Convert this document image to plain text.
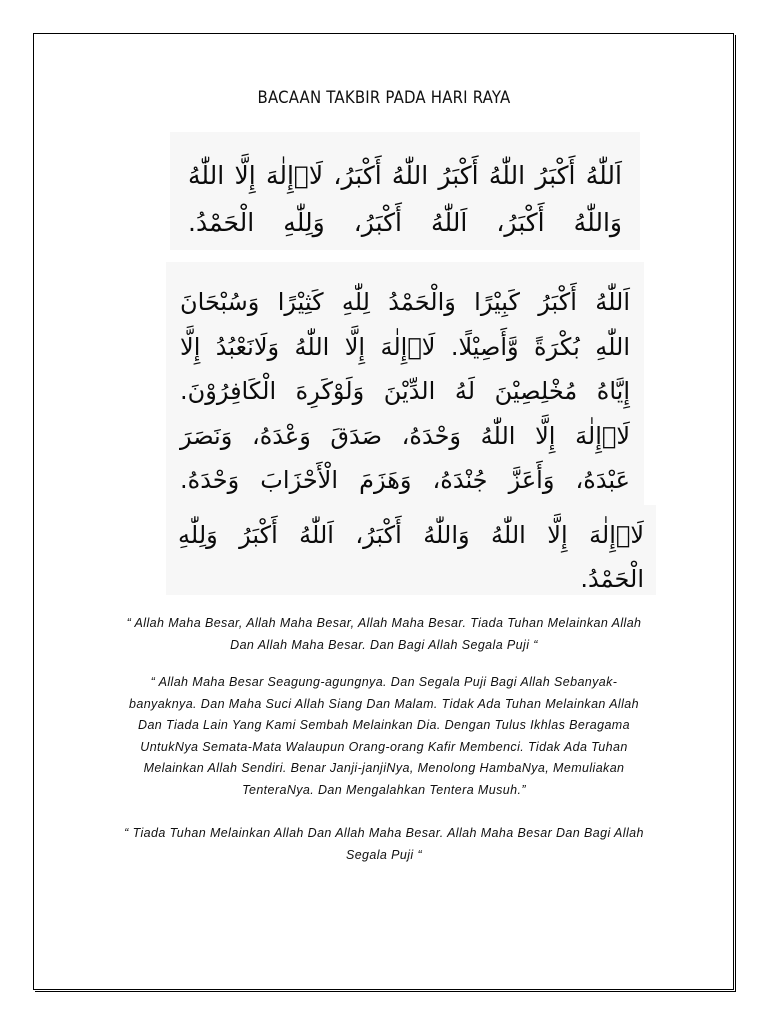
BACAAN TAKBIR PADA HARI RAYA
اَللّٰهُ أَكْبَرُ اللّٰهُ أَكْبَرُ اللّٰهُ أَكْبَرُ، لَاۤإِلٰهَ إِلَّا اللّٰهُ
وَاللّٰهُ أَكْبَرُ، اَللّٰهُ أَكْبَرُ، وَلِلّٰهِ الْحَمْدُ.
اَللّٰهُ أَكْبَرُ كَبِيْرًا وَالْحَمْدُ لِلّٰهِ كَثِيْرًا وَسُبْحَانَ
اللّٰهِ بُكْرَةً وَّأَصِيْلًا. لَاۤإِلٰهَ إِلَّا اللّٰهُ وَلَانَعْبُدُ إِلَّا
إِيَّاهُ مُخْلِصِيْنَ لَهُ الدِّيْنَ وَلَوْكَرِهَ الْكَافِرُوْنَ.
لَاۤإِلٰهَ إِلَّا اللّٰهُ وَحْدَهُ، صَدَقَ وَعْدَهُ، وَنَصَرَ
عَبْدَهُ، وَأَعَزَّ جُنْدَهُ، وَهَزَمَ الْأَحْزَابَ وَحْدَهُ.
لَاۤإِلٰهَ إِلَّا اللّٰهُ وَاللّٰهُ أَكْبَرُ، اَللّٰهُ أَكْبَرُ وَلِلّٰهِ
الْحَمْدُ.
“ Allah Maha Besar, Allah Maha Besar, Allah Maha Besar. Tiada Tuhan Melainkan Allah Dan Allah Maha Besar. Dan Bagi Allah Segala Puji “
“ Allah Maha Besar Seagung-agungnya. Dan Segala Puji Bagi Allah Sebanyak-banyaknya. Dan Maha Suci Allah Siang Dan Malam. Tidak Ada Tuhan Melainkan Allah Dan Tiada Lain Yang Kami Sembah Melainkan Dia. Dengan Tulus Ikhlas Beragama UntukNya Semata-Mata Walaupun Orang-orang Kafir Membenci. Tidak Ada Tuhan Melainkan Allah Sendiri. Benar Janji-janjiNya, Menolong HambaNya, Memuliakan TenteraNya. Dan Mengalahkan Tentera Musuh.”
“ Tiada Tuhan Melainkan Allah Dan Allah Maha Besar. Allah Maha Besar Dan Bagi Allah Segala Puji “
